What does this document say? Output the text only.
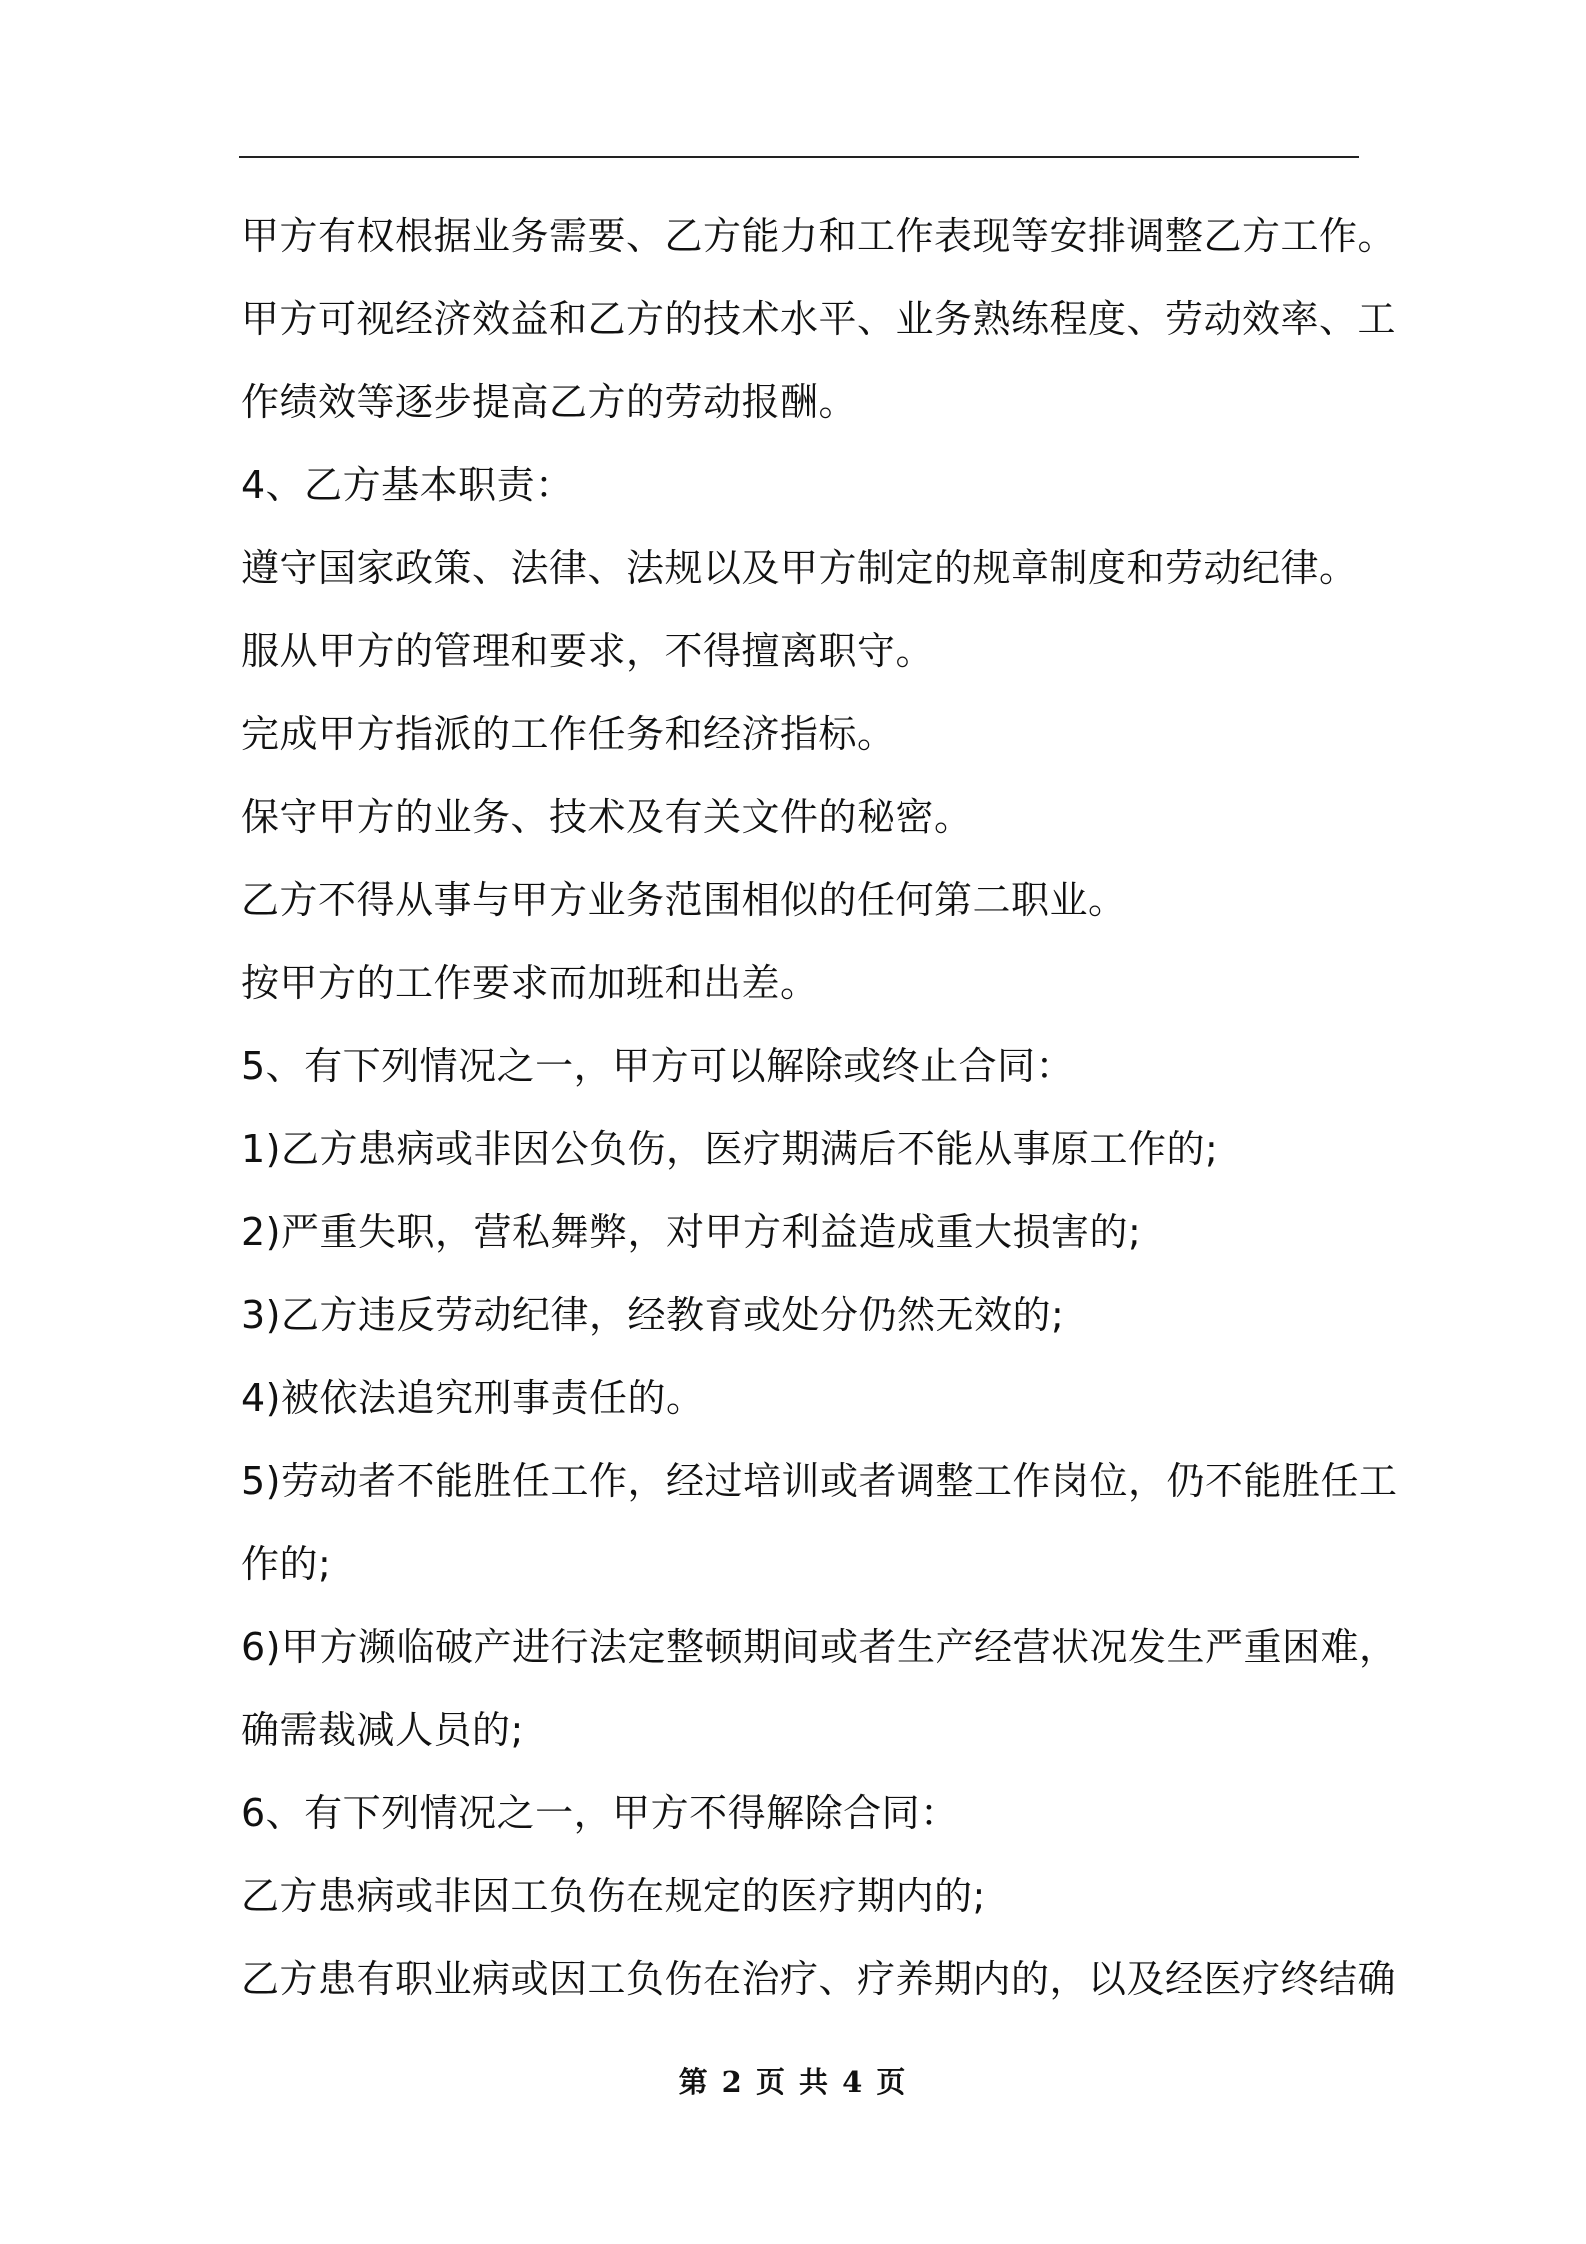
甲方有权根据业务需要、乙方能力和工作表现等安排调整乙方工作。
甲方可视经济效益和乙方的技术水平、业务熟练程度、劳动效率、工
作绩效等逐步提高乙方的劳动报酬。
4、乙方基本职责：
遵守国家政策、法律、法规以及甲方制定的规章制度和劳动纪律。
服从甲方的管理和要求，不得擅离职守。
完成甲方指派的工作任务和经济指标。
保守甲方的业务、技术及有关文件的秘密。
乙方不得从事与甲方业务范围相似的任何第二职业。
按甲方的工作要求而加班和出差。
5、有下列情况之一，甲方可以解除或终止合同：
1)乙方患病或非因公负伤，医疗期满后不能从事原工作的;
2)严重失职，营私舞弊，对甲方利益造成重大损害的;
3)乙方违反劳动纪律，经教育或处分仍然无效的;
4)被依法追究刑事责任的。
5)劳动者不能胜任工作，经过培训或者调整工作岗位，仍不能胜任工
作的;
6)甲方濒临破产进行法定整顿期间或者生产经营状况发生严重困难，
确需裁减人员的;
6、有下列情况之一，甲方不得解除合同：
乙方患病或非因工负伤在规定的医疗期内的;
乙方患有职业病或因工负伤在治疗、疗养期内的，以及经医疗终结确
第 2 页 共 4 页
